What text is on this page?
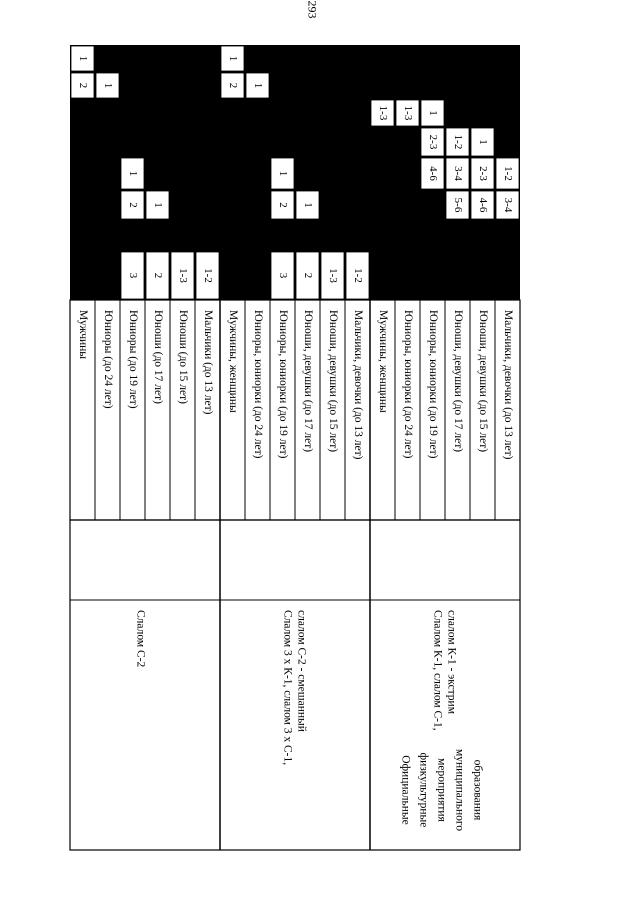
293
Мужчины Юниоры (до 24 лет) Юниоры (до 19 лет) Юноши (до 17 лет) Юноши (до 15 лет) Мальчики (до 13 лет) Мужчины, женщины Юниоры, юниорки (до 24 лет) Юниоры, юниорки (до 19 лет) Юноши, девушки (до 17 лет) Юноши, девушки (до 15 лет) Мальчики, девочки (до 13 лет) Мужчины, женщины Юниоры, юниорки (до 24 лет) Юниоры, юниорки (до 19 лет) Юноши, девушки (до 17 лет) Юноши, девушки (до 15 лет) Мальчики, девочки (до 13 лет)
1
2 1
1
2
3
1
2 1-3 1-2
1
2 1
1
2
3
1
2 1-3 1-2
1-3 1-3 1
2-3
4-6
1-2
3-4
5-6
1
2-3
4-6
1-2
3-4
Слалом С-2	Слалом 3 х К-1, слалом 3 х С-1, слалом С-2 - смешанный	Слалом К-1, слалом С-1, слалом К-1 - экстрим
Официальные физкультурные мероприятия муниципального образования
